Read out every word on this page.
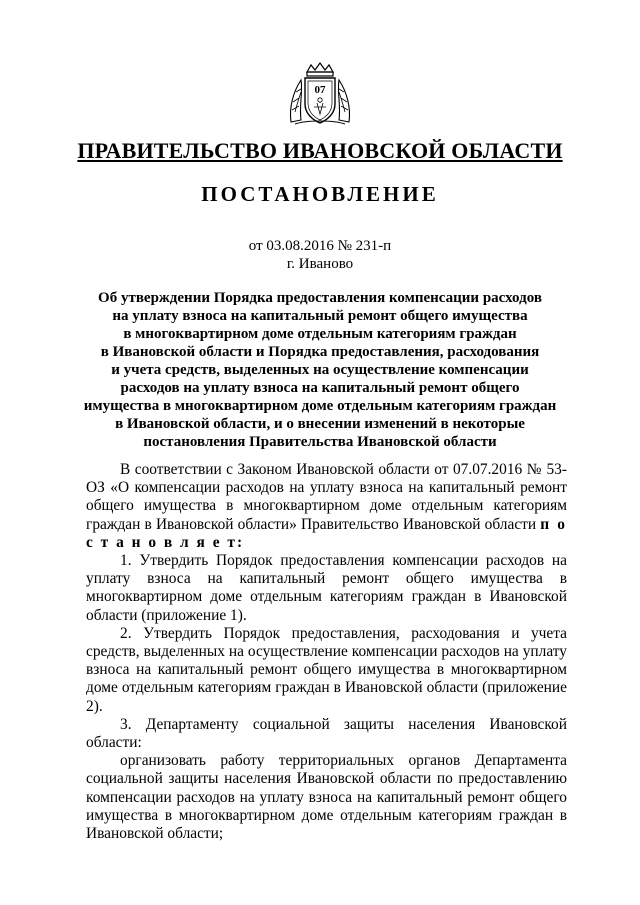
07
ПРАВИТЕЛЬСТВО ИВАНОВСКОЙ ОБЛАСТИ
ПОСТАНОВЛЕНИЕ
от 03.08.2016 № 231-п
г. Иваново
Об утверждении Порядка предоставления компенсации расходов
на уплату взноса на капитальный ремонт общего имущества
в многоквартирном доме отдельным категориям граждан
в Ивановской области и Порядка предоставления, расходования
и учета средств, выделенных на осуществление компенсации
расходов на уплату взноса на капитальный ремонт общего
имущества в многоквартирном доме отдельным категориям граждан
в Ивановской области, и о внесении изменений в некоторые
постановления Правительства Ивановской области

В соответствии с Законом Ивановской области от 07.07.2016 № 53-ОЗ «О компенсации расходов на уплату взноса на капитальный ремонт общего имущества в многоквартирном доме отдельным категориям граждан в Ивановской области» Правительство Ивановской области п о с т а н о в л я е т:

1. Утвердить Порядок предоставления компенсации расходов на уплату взноса на капитальный ремонт общего имущества в многоквартирном доме отдельным категориям граждан в Ивановской области (приложение 1).

2. Утвердить Порядок предоставления, расходования и учета средств, выделенных на осуществление компенсации расходов на уплату взноса на капитальный ремонт общего имущества в многоквартирном доме отдельным категориям граждан в Ивановской области (приложение 2).

3. Департаменту социальной защиты населения Ивановской области:

организовать работу территориальных органов Департамента социальной защиты населения Ивановской области по предоставлению компенсации расходов на уплату взноса на капитальный ремонт общего имущества в многоквартирном доме отдельным категориям граждан в Ивановской области;
